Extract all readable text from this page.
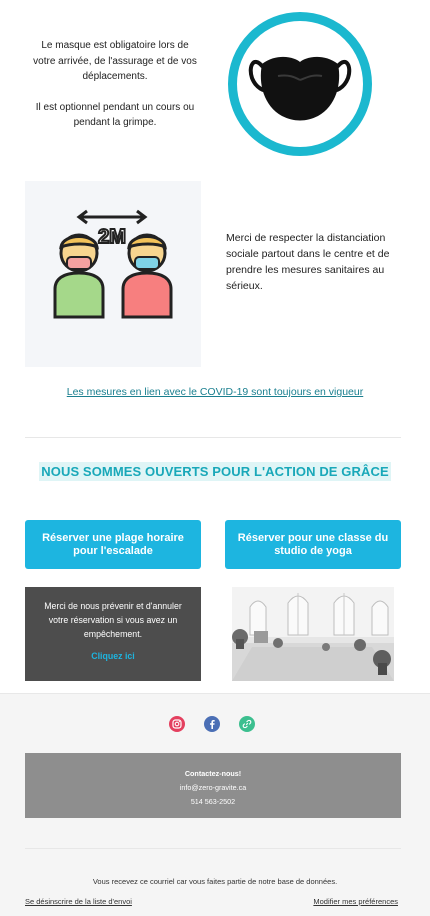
Le masque est obligatoire lors de votre arrivée, de l'assurage et de vos déplacements.

Il est optionnel pendant un cours ou pendant la grimpe.

2M	Merci de respecter la distanciation sociale partout dans le centre et de prendre les mesures sanitaires au sérieux.

Les mesures en lien avec le COVID-19 sont toujours en vigueur
NOUS SOMMES OUVERTS POUR L'ACTION DE GRÂCE
Réserver une plage horaire pour l'escalade
Réserver pour une classe du studio de yoga
Merci de nous prévenir et d'annuler votre réservation si vous avez un empêchement.
Cliquez ici
Contactez-nous!
info@zero-gravite.ca
514 563-2502

Vous recevez ce courriel car vous faites partie de notre base de données.

Se désinscrire de la liste d'envoi	Modifier mes préférences
